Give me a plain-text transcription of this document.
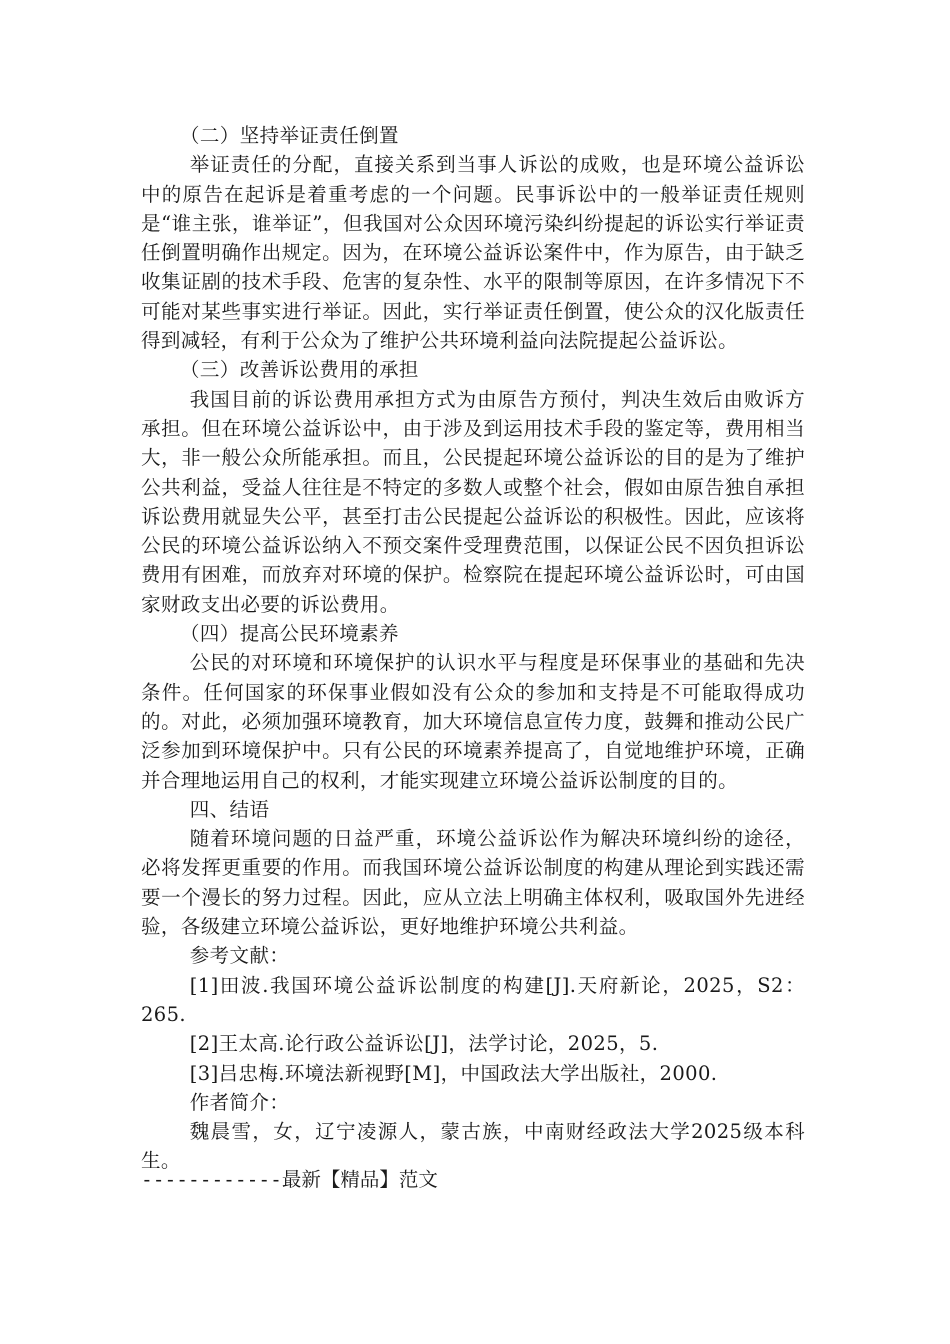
（二）坚持举证责任倒置

举证责任的分配，直接关系到当事人诉讼的成败，也是环境公益诉讼中的原告在起诉是着重考虑的一个问题。民事诉讼中的一般举证责任规则是“谁主张，谁举证”，但我国对公众因环境污染纠纷提起的诉讼实行举证责任倒置明确作出规定。因为，在环境公益诉讼案件中，作为原告，由于缺乏收集证剧的技术手段、危害的复杂性、水平的限制等原因，在许多情况下不可能对某些事实进行举证。因此，实行举证责任倒置，使公众的汉化版责任得到减轻，有利于公众为了维护公共环境利益向法院提起公益诉讼。

（三）改善诉讼费用的承担

我国目前的诉讼费用承担方式为由原告方预付，判决生效后由败诉方承担。但在环境公益诉讼中，由于涉及到运用技术手段的鉴定等，费用相当大，非一般公众所能承担。而且，公民提起环境公益诉讼的目的是为了维护公共利益，受益人往往是不特定的多数人或整个社会，假如由原告独自承担诉讼费用就显失公平，甚至打击公民提起公益诉讼的积极性。因此，应该将公民的环境公益诉讼纳入不预交案件受理费范围，以保证公民不因负担诉讼费用有困难，而放弃对环境的保护。检察院在提起环境公益诉讼时，可由国家财政支出必要的诉讼费用。

（四）提高公民环境素养

公民的对环境和环境保护的认识水平与程度是环保事业的基础和先决条件。任何国家的环保事业假如没有公众的参加和支持是不可能取得成功的。对此，必须加强环境教育，加大环境信息宣传力度，鼓舞和推动公民广泛参加到环境保护中。只有公民的环境素养提高了，自觉地维护环境，正确并合理地运用自己的权利，才能实现建立环境公益诉讼制度的目的。

四、结语

随着环境问题的日益严重，环境公益诉讼作为解决环境纠纷的途径，必将发挥更重要的作用。而我国环境公益诉讼制度的构建从理论到实践还需要一个漫长的努力过程。因此，应从立法上明确主体权利，吸取国外先进经验，各级建立环境公益诉讼，更好地维护环境公共利益。

参考文献：

[1]田波.我国环境公益诉讼制度的构建[J].天府新论，2025，S2：265.

[2]王太高.论行政公益诉讼[J]，法学讨论，2025，5.

[3]吕忠梅.环境法新视野[M]，中国政法大学出版社，2000.

作者简介：

魏晨雪，女，辽宁凌源人，蒙古族，中南财经政法大学2025级本科生。

------------最新【精品】范文
